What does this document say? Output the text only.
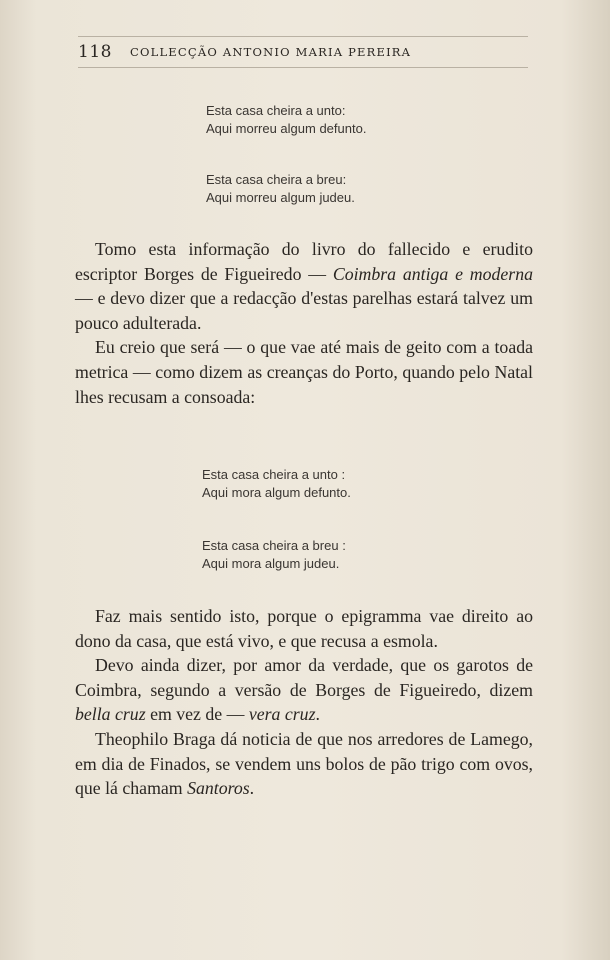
118	COLLECÇÃO ANTONIO MARIA PEREIRA
Esta casa cheira a unto:
Aqui morreu algum defunto.
Esta casa cheira a breu:
Aqui morreu algum judeu.

Tomo esta informação do livro do fallecido e erudito escriptor Borges de Figueiredo — Coimbra antiga e moderna — e devo dizer que a redacção d'estas parelhas estará talvez um pouco adulterada.

Eu creio que será — o que vae até mais de geito com a toada metrica — como dizem as creanças do Porto, quando pelo Natal lhes recusam a consoada:

Esta casa cheira a unto :
Aqui mora algum defunto.
Esta casa cheira a breu :
Aqui mora algum judeu.

Faz mais sentido isto, porque o epigramma vae direito ao dono da casa, que está vivo, e que recusa a esmola.

Devo ainda dizer, por amor da verdade, que os garotos de Coimbra, segundo a versão de Borges de Figueiredo, dizem bella cruz em vez de — vera cruz.

Theophilo Braga dá noticia de que nos arredores de Lamego, em dia de Finados, se vendem uns bolos de pão trigo com ovos, que lá chamam Santoros.
